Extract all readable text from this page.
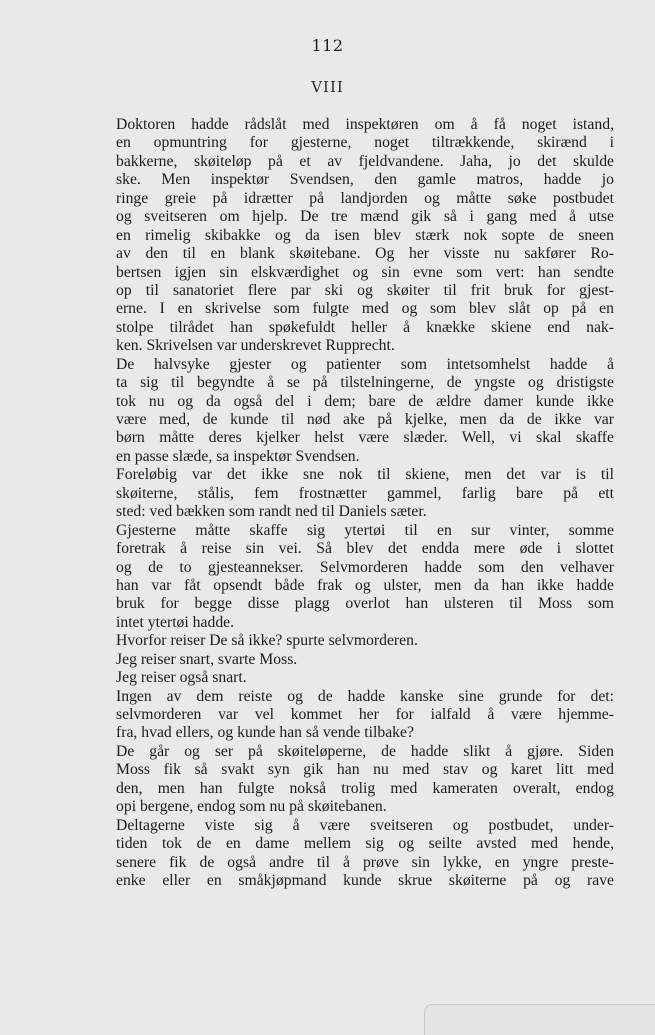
112
VIII
Doktoren hadde rådslåt med inspektøren om å få noget istand,
en opmuntring for gjesterne, noget tiltrækkende, skirænd i
bakkerne, skøiteløp på et av fjeldvandene. Jaha, jo det skulde
ske. Men inspektør Svendsen, den gamle matros, hadde jo
ringe greie på idrætter på landjorden og måtte søke postbudet
og sveitseren om hjelp. De tre mænd gik så i gang med å utse
en rimelig skibakke og da isen blev stærk nok sopte de sneen
av den til en blank skøitebane. Og her visste nu sakfører Ro-
bertsen igjen sin elskværdighet og sin evne som vert: han sendte
op til sanatoriet flere par ski og skøiter til frit bruk for gjest-
erne. I en skrivelse som fulgte med og som blev slåt op på en
stolpe tilrådet han spøkefuldt heller å knække skiene end nak-
ken. Skrivelsen var underskrevet Rupprecht.
De halvsyke gjester og patienter som intetsomhelst hadde å
ta sig til begyndte å se på tilstelningerne, de yngste og dristigste
tok nu og da også del i dem; bare de ældre damer kunde ikke
være med, de kunde til nød ake på kjelke, men da de ikke var
børn måtte deres kjelker helst være slæder. Well, vi skal skaffe
en passe slæde, sa inspektør Svendsen.
Foreløbig var det ikke sne nok til skiene, men det var is til
skøiterne, stålis, fem frostnætter gammel, farlig bare på ett
sted: ved bækken som randt ned til Daniels sæter.
Gjesterne måtte skaffe sig ytertøi til en sur vinter, somme
foretrak å reise sin vei. Så blev det endda mere øde i slottet
og de to gjesteannekser. Selvmorderen hadde som den velhaver
han var fåt opsendt både frak og ulster, men da han ikke hadde
bruk for begge disse plagg overlot han ulsteren til Moss som
intet ytertøi hadde.
Hvorfor reiser De så ikke? spurte selvmorderen.
Jeg reiser snart, svarte Moss.
Jeg reiser også snart.
Ingen av dem reiste og de hadde kanske sine grunde for det:
selvmorderen var vel kommet her for ialfald å være hjemme-
fra, hvad ellers, og kunde han så vende tilbake?
De går og ser på skøiteløperne, de hadde slikt å gjøre. Siden
Moss fik så svakt syn gik han nu med stav og karet litt med
den, men han fulgte nokså trolig med kameraten overalt, endog
opi bergene, endog som nu på skøitebanen.
Deltagerne viste sig å være sveitseren og postbudet, under-
tiden tok de en dame mellem sig og seilte avsted med hende,
senere fik de også andre til å prøve sin lykke, en yngre preste-
enke eller en småkjøpmand kunde skrue skøiterne på og rave
